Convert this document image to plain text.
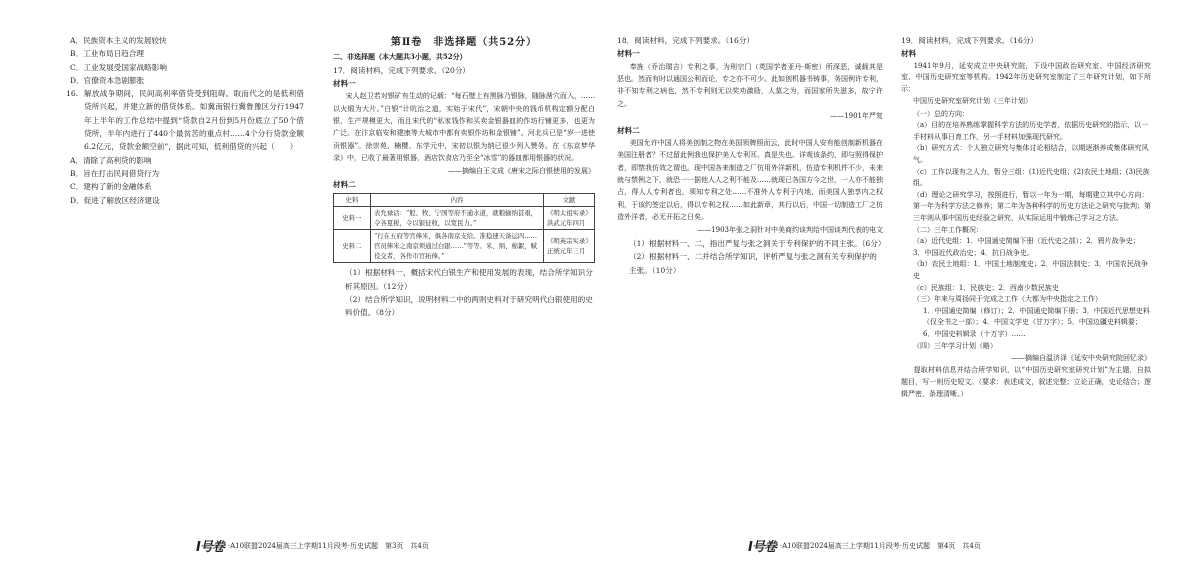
A．民族资本主义的发展较快
B．工业布局日趋合理
C．工业发展受国家战略影响
D．官僚资本急剧膨胀
16. 解放战争期间，民间高利率借贷受到阻碍。取而代之的是低利借贷所兴起，并建立新的借贷体系。如冀南银行冀鲁豫区分行1947年上半年的工作总结中提到“贷款自2月份到5月份底立了50个借贷所，半年内进行了440个最贫苦的重点村……4个分行贷款金额6.2亿元，贷款金额空前”，据此可知，低利借贷的兴起（　　）
A．清除了高利贷的影响
B．旨在打击民间借贷行为
C．建构了新的金融体系
D．促进了解放区经济建设
第Ⅱ卷　非选择题（共52分）
二、非选择题（本大题共3小题，共52分）
17．阅读材料，完成下列要求。（20分）
材料一
宋人赵卫若对银矿有生动的记载：“每石壁上有黑脉乃银脉，随脉凿穴而入，……以火煅为大片。”白银“计吭治之道，实始于宋代”，宋朝中央的钱币机构定额分配白银，生产规模更大，而且宋代的“私家钱作和买卖金银器皿的作坊行铺更多，也更为广泛。在汴京临安和建康等大城市中都有卖银作坊和金银铺”。河北兵已是“岁一进使贡银器”。徐崇苑、楠樱、东学元中，宋初以银为纳已很少列入赞务。在《东京梦华录》中，已收了最著用银器，酒店饮食店乃至全“冰雪”的器皿都用银器的状况。
——摘编自王文成《唐宋之际白银使用的发展》
材料二
史料	内容	文献
史料一	表允禄话：“般、牧、宁国等府不通水道，就粮输纳甚艰，令各夏税，令以银征收，以宽民力。”	《明太祖实录》洪武元年四月
史料二	“行在五府等官俸米，俱各南京支给。准稳速天备运四……官员俸米之南京须通过白银……”等等。米、绢、棉絮，赋役交者，各作市官拓俸。”	《明英宗实录》正统元年三月
（1）根据材料一，概括宋代白银生产和使用发展的表现，结合所学知识分析其原因。（12分）
（2）结合所学知识，说明材料二中的两则史料对于研究明代白银使用的史料价值。（8分）
18．阅读材料，完成下列要求。（16分）
材料一
奉旌（乔治瑞吉）专利之事，为刑宗门（英国学者亚丹·斯密）所深恶，诚载其是恶也。然而有时以通国公利而论，专之亦不可少。此如创机器书铸事，务国例许专利，非不知专利之病也，然不专利则无以奖劝激励，人莫之为，而国家所失滋多，故宁许之。
——1901年严复
材料二
美国允许中国人将美创制之物在美国领牌照而云，此时中国人安有能创制新机器在美国注册者？不过留此例我也保护美人专利耳。真是失也。详观该条约，即与照得保护者，即禁我仿效之谓也。现中国各来制造之厂仿用外洋新机，仿造专利机件不少，未来就与禁例之下，就恐一一据他人人之利不能及……就现已各国方今之世，一人亦不能独占，得人人专利者也，须知专利之处……不准外人专利于内地，而美国人独享内之权利，于该约签定以后，得以专利之权……如此新章，其行以后，中国一切制造工厂之仿造外洋者，必无开拓之日矣。
——1903年张之洞针对中美商约谈判给中国谈判代表的电文
（1）根据材料一、二，指出严复与张之洞关于专利保护的不同主张。（6分）
（2）根据材料一、二并结合所学知识，评析严复与张之洞有关专利保护的主张。（10分）
19．阅读材料，完成下列要求。（16分）
材料
1941年9月，延安成立中央研究院，下设中国政治研究室、中国经济研究室、中国历史研究室等机构。1942年历史研究室制定了三年研究计划，如下所示：
中国历史研究室研究计划（三年计划）
（一）总的方向：
（a）目的在培养熟练掌握科学方法的历史学者，依据历史研究的指示，以一手材料从事日育工作，另一手材料加强现代研究。
（b）研究方式：个人独立研究与集体讨论相结合，以期逐渐养成集体研究风气。
（c）工作以现有之人力，暂分三组：(1)近代史组；(2)农民土地组；(3)民族组。
（d）理论之研究学习，按照进行，暂以一年为一期，每期建立其中心方向：第一年为科学方法之修养；第二年为各种科学的历史方法论之研究与批判；第三年则从事中国历史经验之研究，从实际运用中锻炼己学习之方法。
（二）三年工作概况：
（a）近代史组：1．中国通史简编下册（近代史之部）；2．鸦片战争史；3．中国近代政治史；4．抗日战争史。
（b）农民土地组：1．中国土地制度史；2．中国法制史；3．中国农民战争史
（c）民族组：1．民族史；2．西南少数民族史
（三）年来与周扬同于完成之工作（大都为中央指定之工作）
1．中国通史简编（修订）；2．中国通史简编下册；3．中国近代思想史料（仅全书之一部）；4．中国文学史（甘万字）；5．中国边疆史料辑要；6．中国史料辑录（十万字）……
（四）三年学习计划（略）
——摘编自温济泽《延安中央研究院回忆录》
提取材料信息并结合所学知识，以“中国历史研究室研究计划”为主题，自拟题目，写一则历史短文。（要求：表述成文，叙述完整；立论正确，史论结合；逻辑严密，条理清晰。）
I号卷 ·A10联盟2024届高三上学期11月段考·历史试题　第3页　共4页	I号卷 ·A10联盟2024届高三上学期11月段考·历史试题　第4页　共4页
